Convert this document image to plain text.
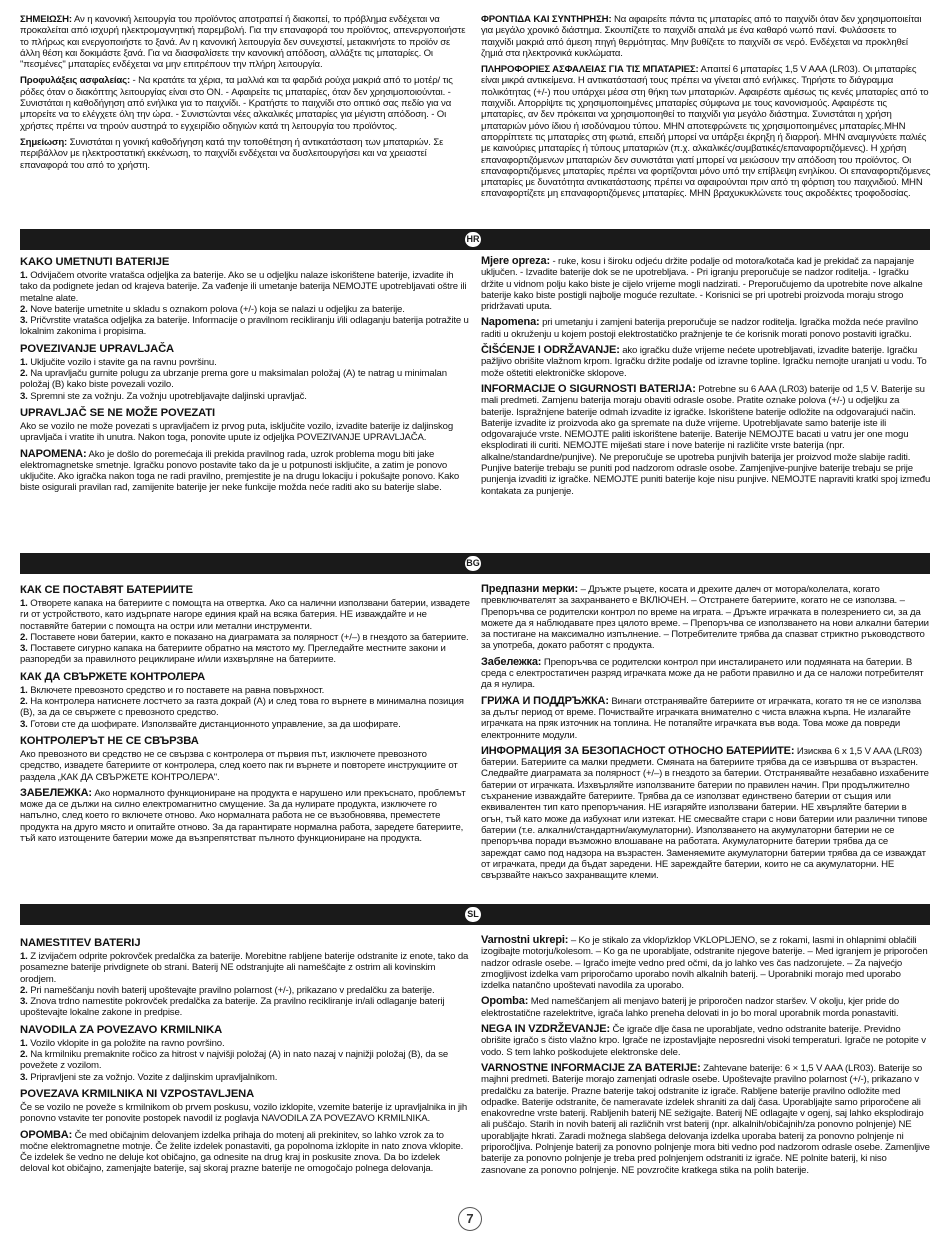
ΣΗΜΕΙΩΣΗ: Αν η κανονική λειτουργία του προϊόντος αποτραπεί ή διακοπεί, το πρόβλημα ενδέχεται να προκαλείται από ισχυρή ηλεκτρομαγνητική παρεμβολή. Για την επαναφορά του προϊόντος, απενεργοποιήστε το πλήρως και ενεργοποιήστε το ξανά. Αν η κανονική λειτουργία δεν συνεχιστεί, μετακινήστε το προϊόν σε άλλη θέση και δοκιμάστε ξανά. Για να διασφαλίσετε την κανονική απόδοση, αλλάξτε τις μπαταρίες. Οι "πεσμένες" μπαταρίες ενδέχεται να μην επιτρέπουν την πλήρη λειτουργία.

Προφυλάξεις ασφαλείας: - Να κρατάτε τα χέρια, τα μαλλιά και τα φαρδιά ρούχα μακριά από το μοτέρ/ τις ρόδες όταν ο διακόπτης λειτουργίας είναι στο ON. - Αφαιρείτε τις μπαταρίες, όταν δεν χρησιμοποιούνται. - Συνιστάται η καθοδήγηση από ενήλικα για το παιχνίδι. - Κρατήστε το παιχνίδι στο οπτικό σας πεδίο για να μπορείτε να το ελέγχετε όλη την ώρα. - Συνιστώνται νέες αλκαλικές μπαταρίες για μέγιστη απόδοση. - Οι χρήστες πρέπει να τηρούν αυστηρά το εγχειρίδιο οδηγιών κατά τη λειτουργία του προϊόντος.

Σημείωση: Συνιστάται η γονική καθοδήγηση κατά την τοποθέτηση ή αντικατάσταση των μπαταριών. Σε περιβάλλον με ηλεκτροστατική εκκένωση, το παιχνίδι ενδέχεται να δυσλειτουργήσει και να χρειαστεί επαναφορά του από το χρήστη.

ΦΡΟΝΤΙΔΑ ΚΑΙ ΣΥΝΤΗΡΗΣΗ: Να αφαιρείτε πάντα τις μπαταρίες από το παιχνίδι όταν δεν χρησιμοποιείται για μεγάλο χρονικό διάστημα. Σκουπίζετε το παιχνίδι απαλά με ένα καθαρό νωπό πανί. Φυλάσσετε το παιχνίδι μακριά από άμεση πηγή θερμότητας. Μην βυθίζετε το παιχνίδι σε νερό. Ενδέχεται να προκληθεί ζημιά στα ηλεκτρονικά κυκλώματα.

ΠΛΗΡΟΦΟΡΙΕΣ ΑΣΦΑΛΕΙΑΣ ΓΙΑ ΤΙΣ ΜΠΑΤΑΡΙΕΣ: Απαιτεί 6 μπαταρίες 1,5 V AAA (LR03). Οι μπαταρίες είναι μικρά αντικείμενα. Η αντικατάστασή τους πρέπει να γίνεται από ενήλικες. Τηρήστε το διάγραμμα πολικότητας (+/-) που υπάρχει μέσα στη θήκη των μπαταριών. Αφαιρέστε αμέσως τις κενές μπαταρίες από το παιχνίδι. Απορρίψτε τις χρησιμοποιημένες μπαταρίες σύμφωνα με τους κανονισμούς. Αφαιρέστε τις μπαταρίες, αν δεν πρόκειται να χρησιμοποιηθεί το παιχνίδι για μεγάλο διάστημα. Συνιστάται η χρήση μπαταριών μόνο ίδιου ή ισοδύναμου τύπου. ΜΗΝ αποτεφρώνετε τις χρησιμοποιημένες μπαταρίες.ΜΗΝ απορρίπτετε τις μπαταρίες στη φωτιά, επειδή μπορεί να υπάρξει έκρηξη ή διαρροή. ΜΗΝ αναμιγνύετε παλιές με καινούριες μπαταρίες ή τύπους μπαταριών (π.χ. αλκαλικές/συμβατικές/επαναφορτιζόμενες). Η χρήση επαναφορτιζόμενων μπαταριών δεν συνιστάται γιατί μπορεί να μειώσουν την απόδοση του προϊόντος. Οι επαναφορτιζόμενες μπαταρίες πρέπει να φορτίζονται μόνο υπό την επίβλεψη ενηλίκου. Οι επαναφορτιζόμενες μπαταρίες με δυνατότητα αντικατάστασης πρέπει να αφαιρούνται πριν από τη φόρτιση του παιχνιδιού. ΜΗΝ επαναφορτίζετε μη επαναφορτιζόμενες μπαταρίες. ΜΗΝ βραχυκυκλώνετε τους ακροδέκτες τροφοδοσίας.

HR
KAKO UMETNUTI BATERIJE

1. Odvijačem otvorite vratašca odjeljka za baterije. Ako se u odjeljku nalaze iskorištene baterije, izvadite ih tako da podignete jedan od krajeva baterije. Za vađenje ili umetanje baterija NEMOJTE upotrebljavati oštre ili metalne alate.

2. Nove baterije umetnite u skladu s oznakom polova (+/-) koja se nalazi u odjeljku za baterije.

3. Pričvrstite vratašca odjeljka za baterije. Informacije o pravilnom recikliranju i/ili odlaganju baterija potražite u lokalnim zakonima i propisima.

POVEZIVANJE UPRAVLJAČA

1. Uključite vozilo i stavite ga na ravnu površinu.

2. Na upravljaču gurnite polugu za ubrzanje prema gore u maksimalan položaj (A) te natrag u minimalan položaj (B) kako biste povezali vozilo.

3. Spremni ste za vožnju. Za vožnju upotrebljavajte daljinski upravljač.

UPRAVLJAČ SE NE MOŽE POVEZATI

Ako se vozilo ne može povezati s upravljačem iz prvog puta, isključite vozilo, izvadite baterije iz daljinskog upravljača i vratite ih unutra. Nakon toga, ponovite upute iz odjeljka POVEZIVANJE UPRAVLJAČA.

NAPOMENA: Ako je došlo do poremećaja ili prekida pravilnog rada, uzrok problema mogu biti jake elektromagnetske smetnje. Igračku ponovo postavite tako da je u potpunosti isključite, a zatim je ponovo uključite. Ako igračka nakon toga ne radi pravilno, premjestite je na drugu lokaciju i pokušajte ponovo. Kako biste osigurali pravilan rad, zamijenite baterije jer neke funkcije možda neće raditi ako su baterije slabe.

Mjere opreza: - ruke, kosu i široku odjeću držite podalje od motora/kotača kad je prekidač za napajanje uključen. - Izvadite baterije dok se ne upotrebljava. - Pri igranju preporučuje se nadzor roditelja. - Igračku držite u vidnom polju kako biste je cijelo vrijeme mogli nadzirati. - Preporučujemo da upotrebite nove alkalne baterije kako biste postigli najbolje moguće rezultate. - Korisnici se pri upotrebi proizvoda moraju strogo pridržavati uputa.

Napomena: pri umetanju i zamjeni baterija preporučuje se nadzor roditelja. Igračka možda neće pravilno raditi u okruženju u kojem postoji elektrostatičko pražnjenje te će korisnik morati ponovo postaviti igračku.

ČIŠĆENJE I ODRŽAVANJE: ako igračku duže vrijeme nećete upotrebljavati, izvadite baterije. Igračku pažljivo obrišite vlažnom krpom. Igračku držite podalje od izravne topline. Igračku nemojte uranjati u vodu. To može oštetiti elektroničke sklopove.

INFORMACIJE O SIGURNOSTI BATERIJA: Potrebne su 6 AAA (LR03) baterije od 1,5 V. Baterije su mali predmeti. Zamjenu baterija moraju obaviti odrasle osobe. Pratite oznake polova (+/-) u odjeljku za baterije. Ispražnjene baterije odmah izvadite iz igračke. Iskorištene baterije odložite na odgovarajući način. Baterije izvadite iz proizvoda ako ga spremate na duže vrijeme. Upotrebljavate samo baterije iste ili odgovarajuće vrste. NEMOJTE paliti iskorištene baterije. Baterije NEMOJTE bacati u vatru jer one mogu eksplodirati ili curiti. NEMOJTE miješati stare i nove baterije ni različite vrste baterija (npr. alkalne/standardne/punjive). Ne preporučuje se upotreba punjivih baterija jer proizvod može slabije raditi. Punjive baterije trebaju se puniti pod nadzorom odrasle osobe. Zamjenjive-punjive baterije trebaju se prije punjenja izvaditi iz igračke. NEMOJTE puniti baterije koje nisu punjive. NEMOJTE napraviti kratki spoj između kontakata za punjenje.

BG
КАК СЕ ПОСТАВЯТ БАТЕРИИТЕ

1. Отворете капака на батериите с помощта на отвертка. Ако са налични използвани батерии, извадете ги от устройството, като издърпате нагоре единия край на всяка батерия. НЕ изваждайте и не поставяйте батерии с помощта на остри или метални инструменти.

2. Поставете нови батерии, както е показано на диаграмата за полярност (+/–) в гнездото за батериите.

3. Поставете сигурно капака на батериите обратно на мястото му. Прегледайте местните закони и разпоредби за правилното рециклиране и/или изхвърляне на батериите.

КАК ДА СВЪРЖЕТЕ КОНТРОЛЕРА

1. Включете превозното средство и го поставете на равна повърхност.

2. На контролера натиснете лостчето за газта докрай (A) и след това го върнете в минимална позиция (B), за да се свържете с превозното средство.

3. Готови сте да шофирате. Използвайте дистанционното управление, за да шофирате.

КОНТРОЛЕРЪТ НЕ СЕ СВЪРЗВА

Ако превозното ви средство не се свързва с контролера от първия път, изключете превозното средство, извадете батериите от контролера, след което пак ги върнете и повторете инструкциите от раздела „КАК ДА СВЪРЖЕТЕ КОНТРОЛЕРА".

ЗАБЕЛЕЖКА: Ако нормалното функциониране на продукта е нарушено или прекъснато, проблемът може да се дължи на силно електромагнитно смущение. За да нулирате продукта, изключете го напълно, след което го включете отново. Ако нормалната работа не се възобновява, преместете продукта на друго място и опитайте отново. За да гарантирате нормална работа, заредете батериите, тъй като изтощените батерии може да възпрепятстват пълното функциониране на продукта.

Предпазни мерки: – Дръжте ръцете, косата и дрехите далеч от мотора/колелата, когато превключвателят за захранването е ВКЛЮЧЕН. – Отстранете батериите, когато не се използва. – Препоръчва се родителски контрол по време на играта. – Дръжте играчката в полезрението си, за да можете да я наблюдавате през цялото време. – Препоръчва се използването на нови алкални батерии за постигане на максимално изпълнение. – Потребителите трябва да спазват стриктно ръководството за употреба, докато работят с продукта.

Забележка: Препоръчва се родителски контрол при инсталирането или подмяната на батерии. В среда с електростатичен разряд играчката може да не работи правилно и да се наложи потребителят да я нулира.

ГРИЖА И ПОДДРЪЖКА: Винаги отстранявайте батериите от играчката, когато тя не се използва за дълъг период от време. Почиствайте играчката внимателно с чиста влажна кърпа. Не излагайте играчката на пряк източник на топлина. Не потапяйте играчката във вода. Това може да повреди електронните модули.

ИНФОРМАЦИЯ ЗА БЕЗОПАСНОСТ ОТНОСНО БАТЕРИИТЕ: Изисква 6 х 1,5 V AAA (LR03) батерии. Батериите са малки предмети. Смяната на батериите трябва да се извършва от възрастен. Следвайте диаграмата за полярност (+/–) в гнездото за батерии. Отстранявайте незабавно изхабените батерии от играчката. Изхвърляйте използваните батерии по правилен начин. При продължително съхранение изваждайте батериите. Трябва да се използват единствено батерии от същия или еквивалентен тип като препоръчания. НЕ изгаряйте използвани батерии. НЕ хвърляйте батерии в огън, тъй като може да избухнат или изтекат. НЕ смесвайте стари с нови батерии или различни типове батерии (т.е. алкални/стандартни/акумулаторни). Използването на акумулаторни батерии не се препоръчва поради възможно влошаване на работата. Акумулаторните батерии трябва да се зареждат само под надзора на възрастен. Заменяемите акумулаторни батерии трябва да се изваждат от играчката, преди да бъдат заредени. НЕ зареждайте батерии, които не са акумулаторни. НЕ свързвайте накъсо захранващите клеми.

SL
NAMESTITEV BATERIJ

1. Z izvijačem odprite pokrovček predalčka za baterije. Morebitne rabljene baterije odstranite iz enote, tako da posamezne baterije privdignete ob strani. Baterij NE odstranjujte ali nameščajte z ostrim ali kovinskim orodjem.

2. Pri nameščanju novih baterij upoštevajte pravilno polarnost (+/-), prikazano v predalčku za baterije.

3. Znova trdno namestite pokrovček predalčka za baterije. Za pravilno recikliranje in/ali odlaganje baterij upoštevajte lokalne zakone in predpise.

NAVODILA ZA POVEZAVO KRMILNIKA

1. Vozilo vklopite in ga položite na ravno površino.

2. Na krmilniku premaknite ročico za hitrost v najvišji položaj (A) in nato nazaj v najnižji položaj (B), da se povežete z vozilom.

3. Pripravljeni ste za vožnjo. Vozite z daljinskim upravljalnikom.

POVEZAVA KRMILNIKA NI VZPOSTAVLJENA

Če se vozilo ne poveže s krmilnikom ob prvem poskusu, vozilo izklopite, vzemite baterije iz upravljalnika in jih ponovno vstavite ter ponovite postopek navodil iz poglavja NAVODILA ZA POVEZAVO KRMILNIKA.

OPOMBA: Če med običajnim delovanjem izdelka prihaja do motenj ali prekinitev, so lahko vzrok za to močne elektromagnetne motnje. Če želite izdelek ponastaviti, ga popolnoma izklopite in nato znova vklopite. Če izdelek še vedno ne deluje kot običajno, ga odnesite na drug kraj in poskusite znova. Da bo izdelek deloval kot običajno, zamenjajte baterije, saj skoraj prazne baterije ne omogočajo polnega delovanja.

Varnostni ukrepi: – Ko je stikalo za vklop/izklop VKLOPLJENO, se z rokami, lasmi in ohlapnimi oblačili izogibajte motorju/kolesom. – Ko ga ne uporabljate, odstranite njegove baterije. – Med igranjem je priporočen nadzor odrasle osebe. – Igračo imejte vedno pred očmi, da jo lahko ves čas nadzorujete. – Za najvećjo zmogljivost izdelka vam priporočamo uporabo novih alkalnih baterij. – Uporabniki morajo med uporabo izdelka natančno upoštevati navodila za uporabo.

Opomba: Med nameščanjem ali menjavo baterij je priporočen nadzor staršev. V okolju, kjer pride do elektrostatične razelektritve, igrača lahko preneha delovati in jo bo moral uporabnik morda ponastaviti.

NEGA IN VZDRŽEVANJE: Če igrače dlje časa ne uporabljate, vedno odstranite baterije. Previdno obrišite igračo s čisto vlažno krpo. Igrače ne izpostavljajte neposredni visoki temperaturi. Igrače ne potopite v vodo. S tem lahko poškodujete elektronske dele.

VARNOSTNE INFORMACIJE ZA BATERIJE: Zahtevane baterije: 6 × 1,5 V AAA (LR03). Baterije so majhni predmeti. Baterije morajo zamenjati odrasle osebe. Upoštevajte pravilno polarnost (+/-), prikazano v predalčku za baterije. Prazne baterije takoj odstranite iz igrače. Rabljene baterije pravilno odložite med odpadke. Baterije odstranite, če nameravate izdelek shraniti za dalj časa. Uporabljajte samo priporočene ali enakovredne vrste baterij. Rabljenih baterij NE sežigajte. Baterij NE odlagajte v ogenj, saj lahko eksplodirajo ali puščajo. Starih in novih baterij ali različnih vrst baterij (npr. alkalnih/običajnih/za ponovno polnjenje) NE uporabljajte hkrati. Zaradi možnega slabšega delovanja izdelka uporaba baterij za ponovno polnjenje ni priporočljiva. Polnjenje baterij za ponovno polnjenje mora biti vedno pod nadzorom odrasle osebe. Zamenljive baterije za ponovno polnjenje je treba pred polnjenjem odstraniti iz igrače. NE polnite baterij, ki niso zasnovane za ponovno polnjenje. NE povzročite kratkega stika na polih baterije.

7
